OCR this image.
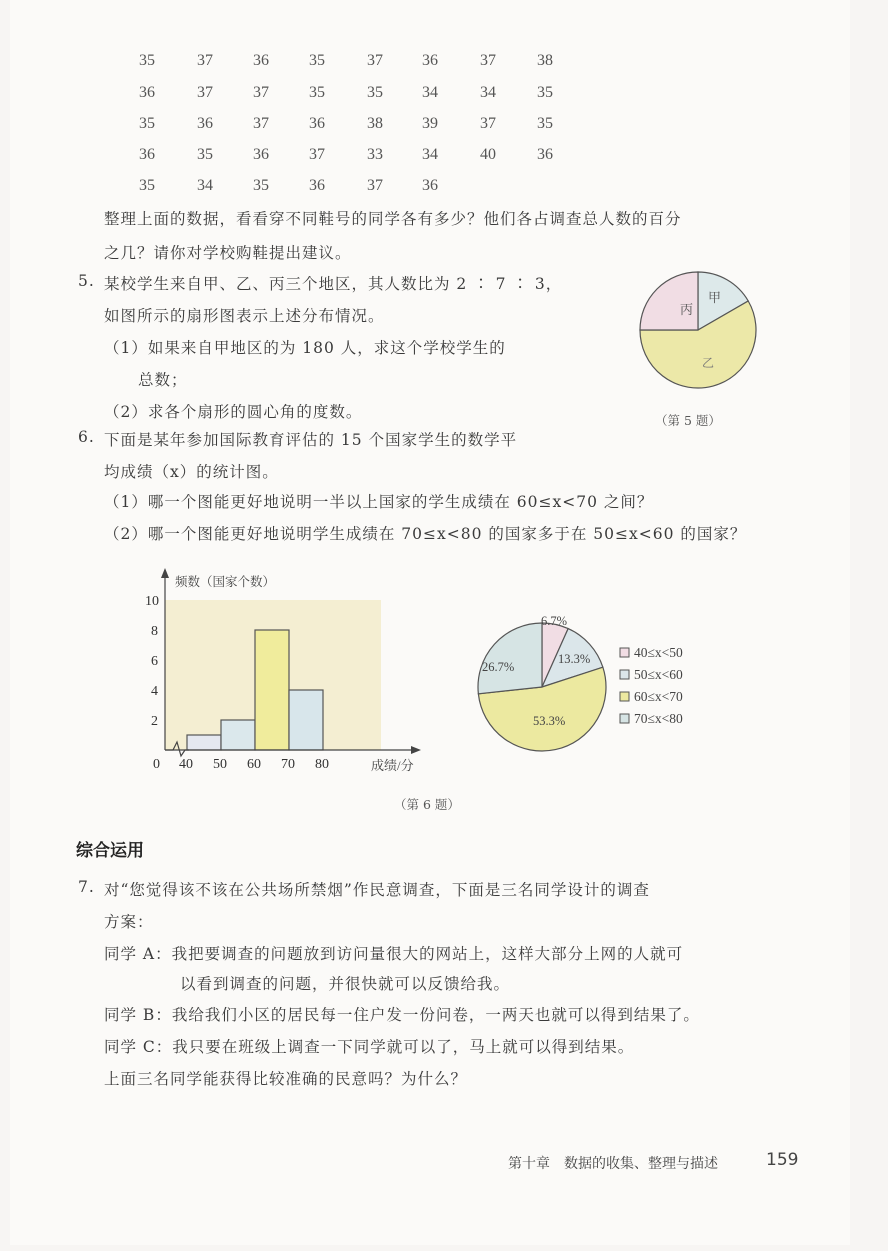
35	37	36	35	37	36	37	38
36	37	37	35	35	34	34	35
35	36	37	36	38	39	37	35
36	35	36	37	33	34	40	36
35	34	35	36	37	36
整理上面的数据，看看穿不同鞋号的同学各有多少？他们各占调查总人数的百分
之几？请你对学校购鞋提出建议。
5. 某校学生来自甲、乙、丙三个地区，其人数比为 2 ∶ 7 ∶ 3，
如图所示的扇形图表示上述分布情况。
（1）如果来自甲地区的为 180 人，求这个学校学生的
总数；
（2）求各个扇形的圆心角的度数。
丙
甲
乙
（第 5 题）
6. 下面是某年参加国际教育评估的 15 个国家学生的数学平
均成绩（x）的统计图。
（1）哪一个图能更好地说明一半以上国家的学生成绩在 60≤x<70 之间？
（2）哪一个图能更好地说明学生成绩在 70≤x<80 的国家多于在 50≤x<60 的国家？
频数（国家个数）
10
8
6
4
2
0 40 50 60 70 80	成绩/分
6.7%
13.3%
53.3%
26.7%
40≤x<50
50≤x<60
60≤x<70
70≤x<80
（第 6 题）
综合运用
7. 对“您觉得该不该在公共场所禁烟”作民意调查，下面是三名同学设计的调查
方案：
同学 A：我把要调查的问题放到访问量很大的网站上，这样大部分上网的人就可
以看到调查的问题，并很快就可以反馈给我。
同学 B：我给我们小区的居民每一住户发一份问卷，一两天也就可以得到结果了。
同学 C：我只要在班级上调查一下同学就可以了，马上就可以得到结果。
上面三名同学能获得比较准确的民意吗？为什么？
第十章　数据的收集、整理与描述	159
